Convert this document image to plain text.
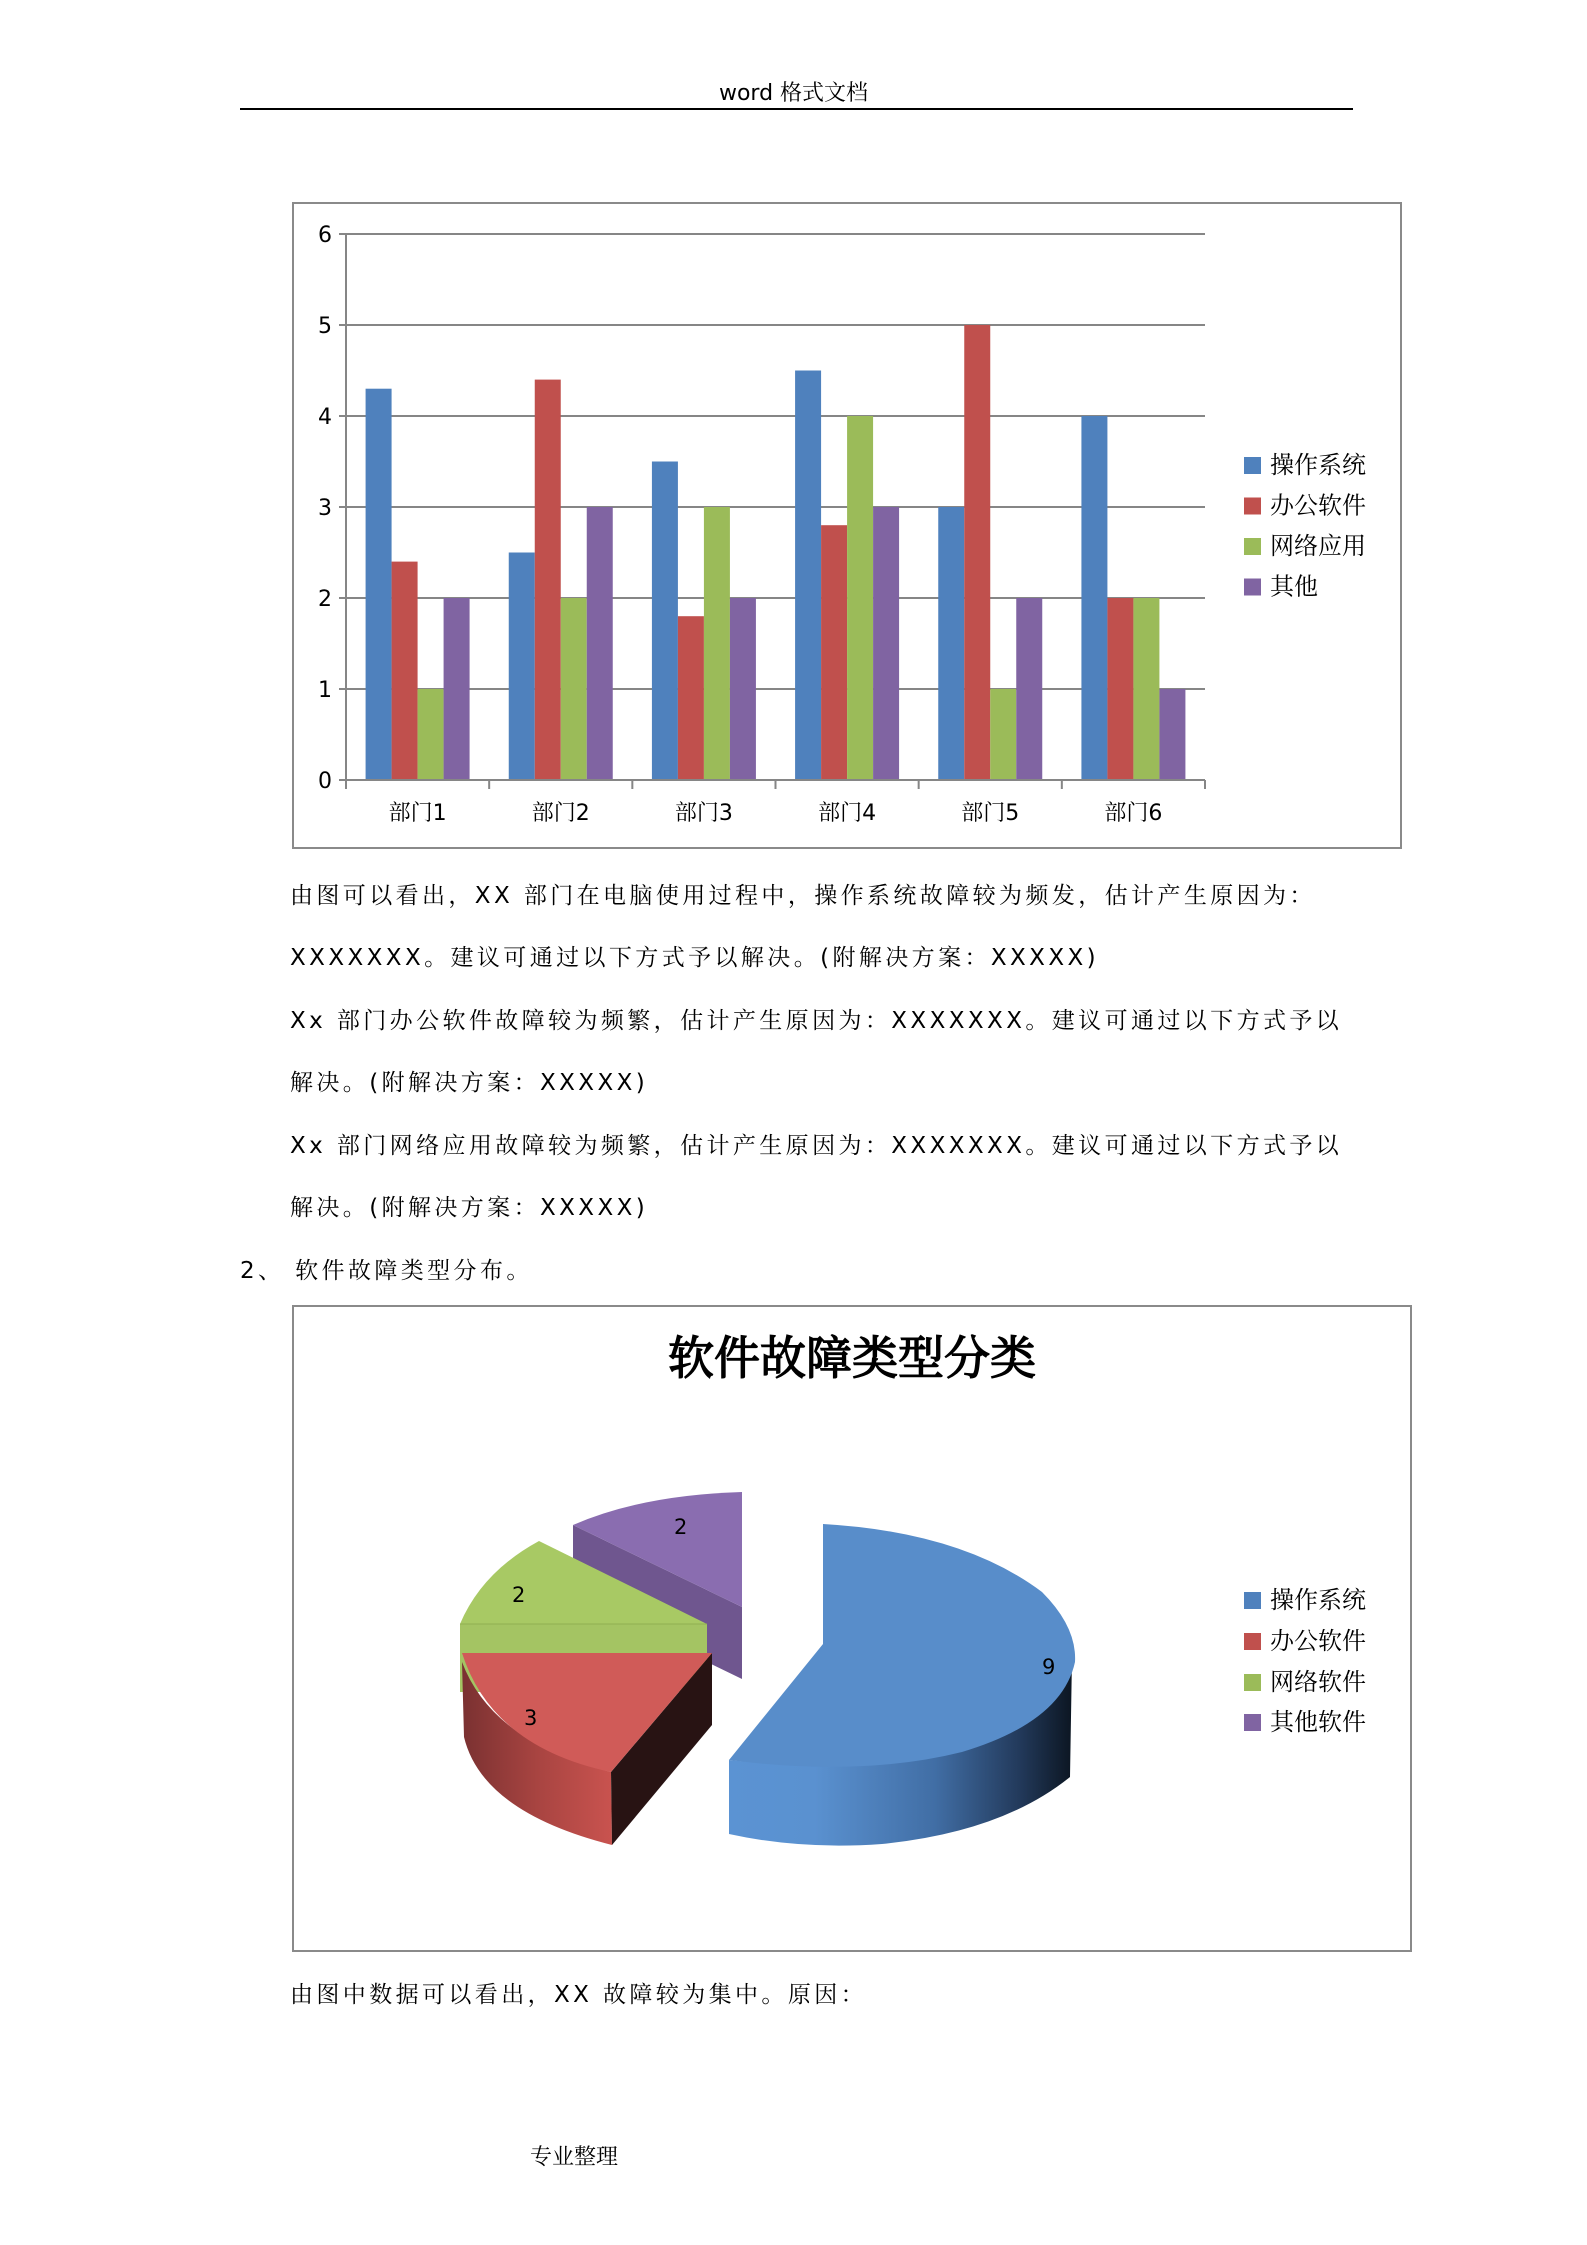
word 格式文档
0
1
2
3
4
5
6
部门1	部门2	部门3	部门4	部门5	部门6
操作系统
办公软件
网络应用
其他
由图可以看出，XX 部门在电脑使用过程中，操作系统故障较为频发，估计产生原因为：
XXXXXXX。建议可通过以下方式予以解决。(附解决方案：XXXXX)
Xx 部门办公软件故障较为频繁，估计产生原因为：XXXXXXX。建议可通过以下方式予以
解决。(附解决方案：XXXXX)
Xx 部门网络应用故障较为频繁，估计产生原因为：XXXXXXX。建议可通过以下方式予以
解决。(附解决方案：XXXXX)
2、 软件故障类型分布。
软件故障类型分类
2
2
3
9
操作系统
办公软件
网络软件
其他软件
由图中数据可以看出，XX 故障较为集中。原因：
专业整理
